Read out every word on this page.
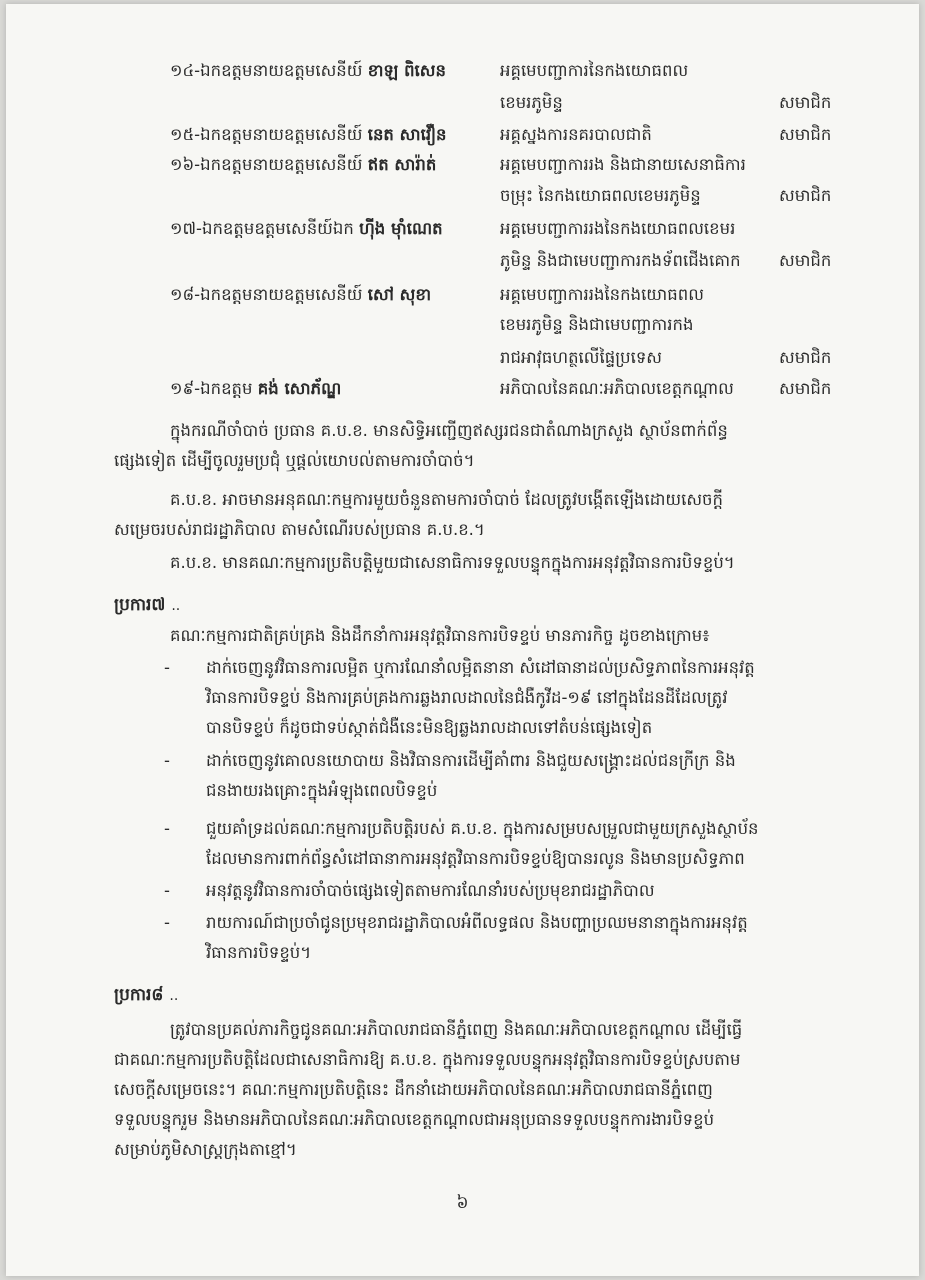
១៤-ឯកឧត្តមនាយឧត្តមសេនីយ៍ ខាឡ ពិសេន	អគ្គមេបញ្ជាការនៃកងយោធពល
ខេមរភូមិន្ទ	សមាជិក
១៥-ឯកឧត្តមនាយឧត្តមសេនីយ៍ នេត សាវឿន	អគ្គស្នងការនគរបាលជាតិ	សមាជិក
១៦-ឯកឧត្តមនាយឧត្តមសេនីយ៍ ឥត សារ៉ាត់	អគ្គមេបញ្ជាការរង និងជានាយសេនាធិការ
ចម្រុះ នៃកងយោធពលខេមរភូមិន្ទ	សមាជិក
១៧-ឯកឧត្តមឧត្តមសេនីយ៍ឯក ហ៊ីង ម៉ាំណេត	អគ្គមេបញ្ជាការរងនៃកងយោធពលខេមរ
ភូមិន្ទ និងជាមេបញ្ជាការកងទ័ពជើងគោក សមាជិក
១៨-ឯកឧត្តមនាយឧត្តមសេនីយ៍ សៅ សុខា	អគ្គមេបញ្ជាការរងនៃកងយោធពល
ខេមរភូមិន្ទ និងជាមេបញ្ជាការកង
រាជអាវុធហត្ថលើផ្ទៃប្រទេស	សមាជិក
១៩-ឯកឧត្តម គង់ សោភ័ណ្ឌ	អភិបាលនៃគណៈអភិបាលខេត្តកណ្ដាល	សមាជិក
ក្នុងករណីចាំបាច់ ប្រធាន គ.ប.ខ. មានសិទ្ធិអញ្ជើញឥស្សរជនជាតំណាងក្រសួង ស្ថាប័នពាក់ព័ន្ធ
ផ្សេងទៀត ដើម្បីចូលរួមប្រជុំ ឬផ្ដល់យោបល់តាមការចាំបាច់។
គ.ប.ខ. អាចមានអនុគណៈកម្មការមួយចំនួនតាមការចាំបាច់ ដែលត្រូវបង្កើតឡើងដោយសេចក្ដី
សម្រេចរបស់រាជរដ្ឋាភិបាល តាមសំណើរបស់ប្រធាន គ.ប.ខ.។
គ.ប.ខ. មានគណៈកម្មការប្រតិបត្តិមួយជាសេនាធិការទទួលបន្ទុកក្នុងការអនុវត្តវិធានការបិទខ្ទប់។
ប្រការ៧ ..
គណៈកម្មការជាតិគ្រប់គ្រង និងដឹកនាំការអនុវត្តវិធានការបិទខ្ទប់ មានភារកិច្ច ដូចខាងក្រោម៖
-	ដាក់ចេញនូវវិធានការលម្អិត ឬការណែនាំលម្អិតនានា សំដៅធានាដល់ប្រសិទ្ធភាពនៃការអនុវត្ត
វិធានការបិទខ្ទប់ និងការគ្រប់គ្រងការឆ្លងរាលដាលនៃជំងឺកូវីដ-១៩ នៅក្នុងដែនដីដែលត្រូវ
បានបិទខ្ទប់ ក៏ដូចជាទប់ស្កាត់ជំងឺនេះមិនឱ្យឆ្លងរាលដាលទៅតំបន់ផ្សេងទៀត
-	ដាក់ចេញនូវគោលនយោបាយ និងវិធានការដើម្បីគាំពារ និងជួយសង្គ្រោះដល់ជនក្រីក្រ និង
ជនងាយរងគ្រោះក្នុងអំឡុងពេលបិទខ្ទប់
-	ជួយគាំទ្រដល់គណៈកម្មការប្រតិបត្តិរបស់ គ.ប.ខ. ក្នុងការសម្របសម្រួលជាមួយក្រសួងស្ថាប័ន
ដែលមានការពាក់ព័ន្ធសំដៅធានាការអនុវត្តវិធានការបិទខ្ទប់ឱ្យបានរលូន និងមានប្រសិទ្ធភាព
-	អនុវត្តនូវវិធានការចាំបាច់ផ្សេងទៀតតាមការណែនាំរបស់ប្រមុខរាជរដ្ឋាភិបាល
-	រាយការណ៍ជាប្រចាំជូនប្រមុខរាជរដ្ឋាភិបាលអំពីលទ្ធផល និងបញ្ហាប្រឈមនានាក្នុងការអនុវត្ត
វិធានការបិទខ្ទប់។
ប្រការ៨ ..
ត្រូវបានប្រគល់ភារកិច្ចជូនគណៈអភិបាលរាជធានីភ្នំពេញ និងគណៈអភិបាលខេត្តកណ្ដាល ដើម្បីធ្វើ
ជាគណៈកម្មការប្រតិបត្តិដែលជាសេនាធិការឱ្យ គ.ប.ខ. ក្នុងការទទួលបន្ទុកអនុវត្តវិធានការបិទខ្ទប់ស្របតាម
សេចក្ដីសម្រេចនេះ។ គណៈកម្មការប្រតិបត្តិនេះ ដឹកនាំដោយអភិបាលនៃគណៈអភិបាលរាជធានីភ្នំពេញ
ទទួលបន្ទុករួម និងមានអភិបាលនៃគណៈអភិបាលខេត្តកណ្ដាលជាអនុប្រធានទទួលបន្ទុកការងារបិទខ្ទប់
សម្រាប់ភូមិសាស្ត្រក្រុងតាខ្មៅ។
៦
